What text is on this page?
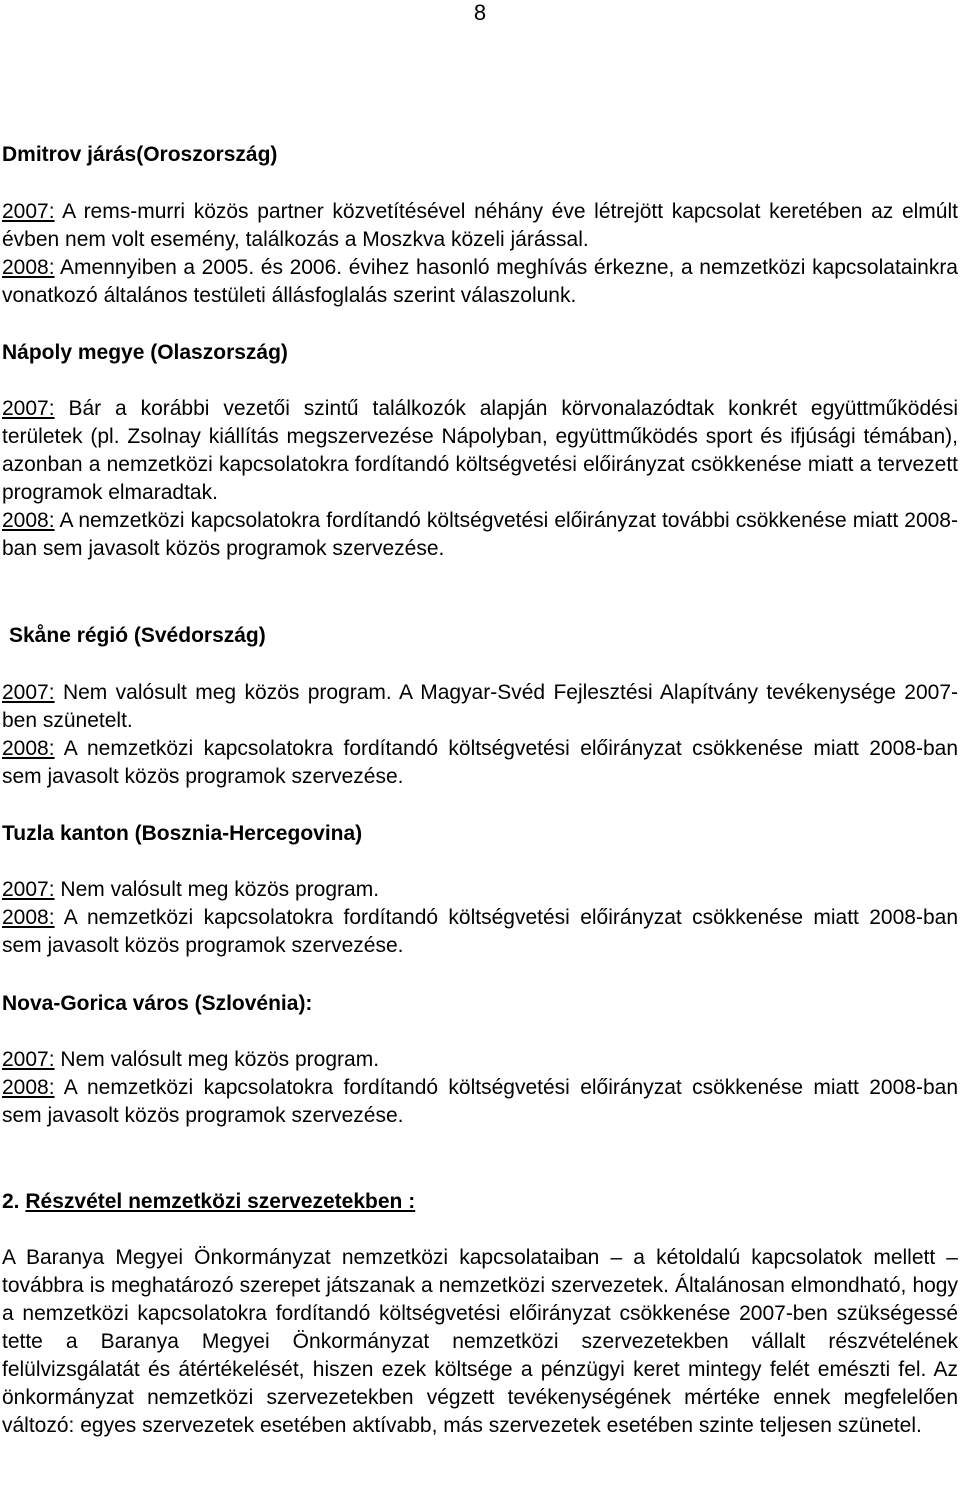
8

Dmitrov járás(Oroszország)

2007: A rems-murri közös partner közvetítésével néhány éve létrejött kapcsolat keretében az elmúlt évben nem volt esemény, találkozás a Moszkva közeli járással.

2008: Amennyiben a 2005. és 2006. évihez hasonló meghívás érkezne, a nemzetközi kapcsolatainkra vonatkozó általános testületi állásfoglalás szerint válaszolunk.

Nápoly megye (Olaszország)

2007: Bár a korábbi vezetői szintű találkozók alapján körvonalazódtak konkrét együttműködési területek (pl. Zsolnay kiállítás megszervezése Nápolyban, együttműködés sport és ifjúsági témában), azonban a nemzetközi kapcsolatokra fordítandó költségvetési előirányzat csökkenése miatt a tervezett programok elmaradtak.

2008: A nemzetközi kapcsolatokra fordítandó költségvetési előirányzat további csökkenése miatt 2008-ban sem javasolt közös programok szervezése.

Skåne régió (Svédország)

2007: Nem valósult meg közös program. A Magyar-Svéd Fejlesztési Alapítvány tevékenysége 2007-ben szünetelt.

2008: A nemzetközi kapcsolatokra fordítandó költségvetési előirányzat csökkenése miatt 2008-ban sem javasolt közös programok szervezése.

Tuzla kanton (Bosznia-Hercegovina)

2007: Nem valósult meg közös program.

2008: A nemzetközi kapcsolatokra fordítandó költségvetési előirányzat csökkenése miatt 2008-ban sem javasolt közös programok szervezése.

Nova-Gorica város (Szlovénia):

2007: Nem valósult meg közös program.

2008: A nemzetközi kapcsolatokra fordítandó költségvetési előirányzat csökkenése miatt 2008-ban sem javasolt közös programok szervezése.

2. Részvétel nemzetközi szervezetekben :

A Baranya Megyei Önkormányzat nemzetközi kapcsolataiban – a kétoldalú kapcsolatok mellett – továbbra is meghatározó szerepet játszanak a nemzetközi szervezetek. Általánosan elmondható, hogy a nemzetközi kapcsolatokra fordítandó költségvetési előirányzat csökkenése 2007-ben szükségessé tette a Baranya Megyei Önkormányzat nemzetközi szervezetekben vállalt részvételének felülvizsgálatát és átértékelését, hiszen ezek költsége a pénzügyi keret mintegy felét emészti fel. Az önkormányzat nemzetközi szervezetekben végzett tevékenységének mértéke ennek megfelelően változó: egyes szervezetek esetében aktívabb, más szervezetek esetében szinte teljesen szünetel.
